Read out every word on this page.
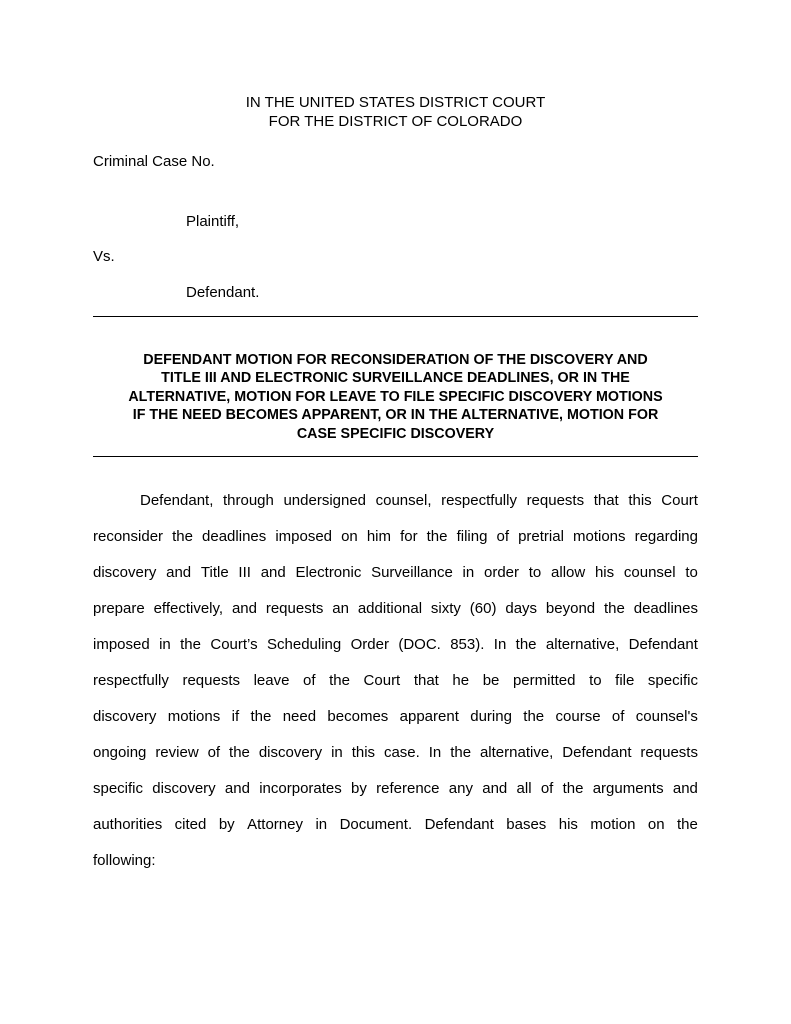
IN THE UNITED STATES DISTRICT COURT
FOR THE DISTRICT OF COLORADO
Criminal Case No.
Plaintiff,
Vs.
Defendant.
DEFENDANT MOTION FOR RECONSIDERATION OF THE DISCOVERY AND
TITLE III AND ELECTRONIC SURVEILLANCE DEADLINES, OR IN THE
ALTERNATIVE, MOTION FOR LEAVE TO FILE SPECIFIC DISCOVERY MOTIONS
IF THE NEED BECOMES APPARENT, OR IN THE ALTERNATIVE, MOTION FOR
CASE SPECIFIC DISCOVERY
Defendant, through undersigned counsel, respectfully requests that this Court
reconsider the deadlines imposed on him for the filing of pretrial motions regarding
discovery and Title III and Electronic Surveillance in order to allow his counsel to
prepare effectively, and requests an additional sixty (60) days beyond the deadlines
imposed in the Court’s Scheduling Order (DOC. 853). In the alternative, Defendant
respectfully requests leave of the Court that he be permitted to file specific
discovery motions if the need becomes apparent during the course of counsel's
ongoing review of the discovery in this case. In the alternative, Defendant requests
specific discovery and incorporates by reference any and all of the arguments and
authorities cited by Attorney in Document. Defendant bases his motion on the
following:
